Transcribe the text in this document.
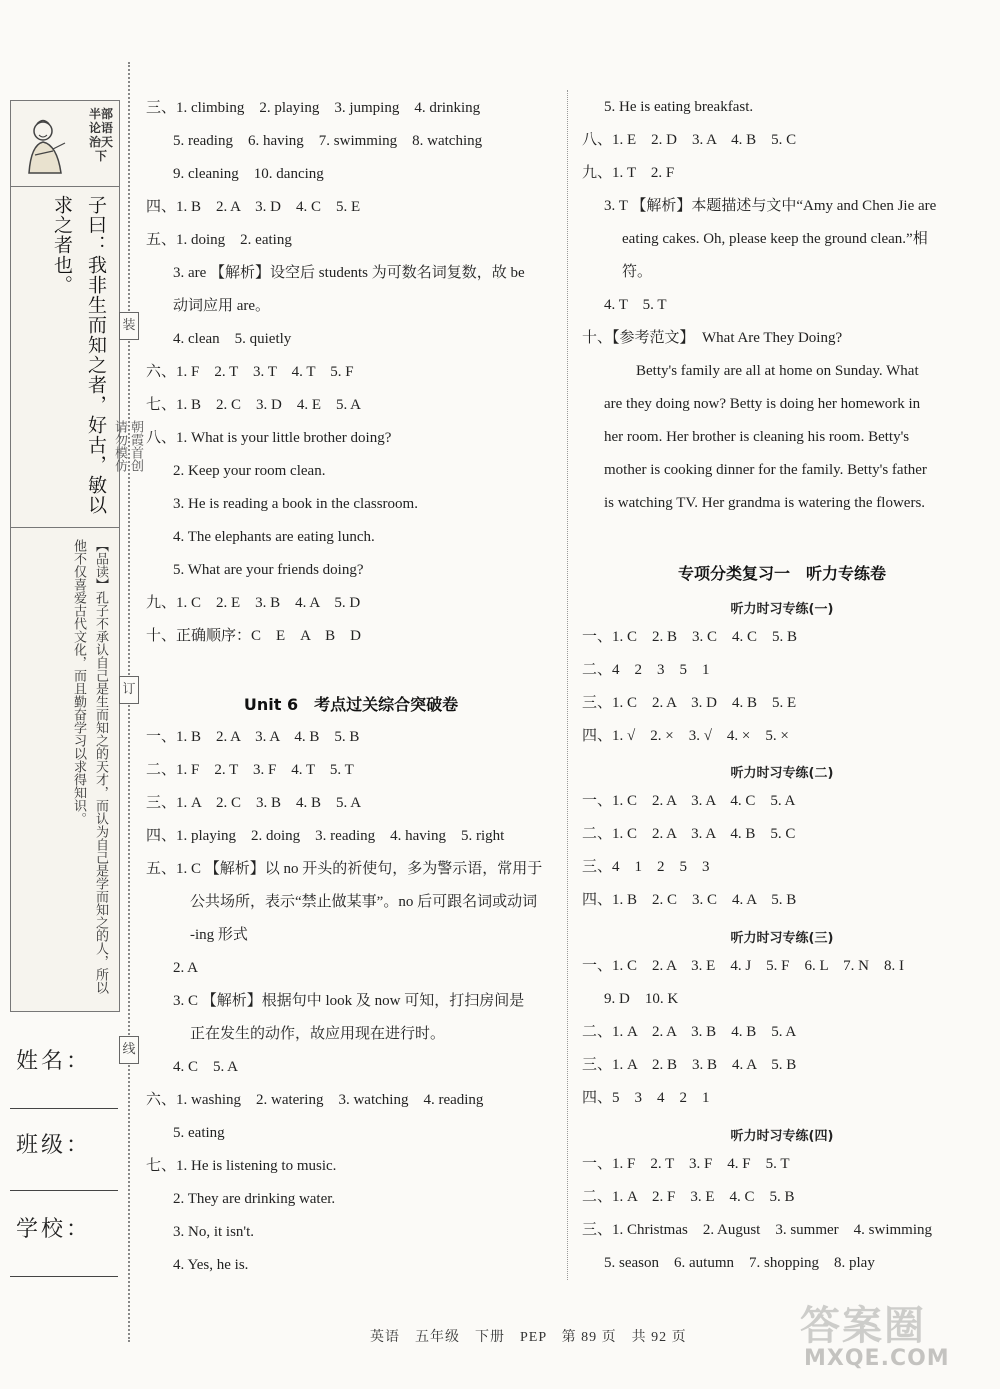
半部论语治天下
子曰：我非生而知之者，好古，敏以求之者也。
【品读】孔子不承认自己是生而知之的天才，而认为自己是学而知之的人，所以他不仅喜爱古代文化，而且勤奋学习以求得知识。
姓名：
班级：
学校：
装
订
线
朝霞首创
请勿模仿
三、1. climbing　2. playing　3. jumping　4. drinking
5. reading　6. having　7. swimming　8. watching
9. cleaning　10. dancing
四、1. B　2. A　3. D　4. C　5. E
五、1. doing　2. eating
3. are 【解析】设空后 students 为可数名词复数，故 be
动词应用 are。
4. clean　5. quietly
六、1. F　2. T　3. T　4. T　5. F
七、1. B　2. C　3. D　4. E　5. A
八、1. What is your little brother doing?
2. Keep your room clean.
3. He is reading a book in the classroom.
4. The elephants are eating lunch.
5. What are your friends doing?
九、1. C　2. E　3. B　4. A　5. D
十、正确顺序：C　E　A　B　D
Unit 6　考点过关综合突破卷
一、1. B　2. A　3. A　4. B　5. B
二、1. F　2. T　3. F　4. T　5. T
三、1. A　2. C　3. B　4. B　5. A
四、1. playing　2. doing　3. reading　4. having　5. right
五、1. C 【解析】以 no 开头的祈使句，多为警示语，常用于
公共场所，表示“禁止做某事”。no 后可跟名词或动词
-ing 形式
2. A
3. C 【解析】根据句中 look 及 now 可知，打扫房间是
正在发生的动作，故应用现在进行时。
4. C　5. A
六、1. washing　2. watering　3. watching　4. reading
5. eating
七、1. He is listening to music.
2. They are drinking water.
3. No, it isn't.
4. Yes, he is.
5. He is eating breakfast.
八、1. E　2. D　3. A　4. B　5. C
九、1. T　2. F
3. T 【解析】本题描述与文中“Amy and Chen Jie are
eating cakes. Oh, please keep the ground clean.”相
符。
4. T　5. T
十、【参考范文】　What Are They Doing?
Betty's family are all at home on Sunday. What
are they doing now? Betty is doing her homework in
her room. Her brother is cleaning his room. Betty's
mother is cooking dinner for the family. Betty's father
is watching TV. Her grandma is watering the flowers.
专项分类复习一　听力专练卷
听力时习专练(一)
一、1. C　2. B　3. C　4. C　5. B
二、4　2　3　5　1
三、1. C　2. A　3. D　4. B　5. E
四、1. √　2. ×　3. √　4. ×　5. ×
听力时习专练(二)
一、1. C　2. A　3. A　4. C　5. A
二、1. C　2. A　3. A　4. B　5. C
三、4　1　2　5　3
四、1. B　2. C　3. C　4. A　5. B
听力时习专练(三)
一、1. C　2. A　3. E　4. J　5. F　6. L　7. N　8. I
9. D　10. K
二、1. A　2. A　3. B　4. B　5. A
三、1. A　2. B　3. B　4. A　5. B
四、5　3　4　2　1
听力时习专练(四)
一、1. F　2. T　3. F　4. F　5. T
二、1. A　2. F　3. E　4. C　5. B
三、1. Christmas　2. August　3. summer　4. swimming
5. season　6. autumn　7. shopping　8. play
英语　五年级　下册　PEP　第 89 页　共 92 页	答案圈
MXQE.COM
